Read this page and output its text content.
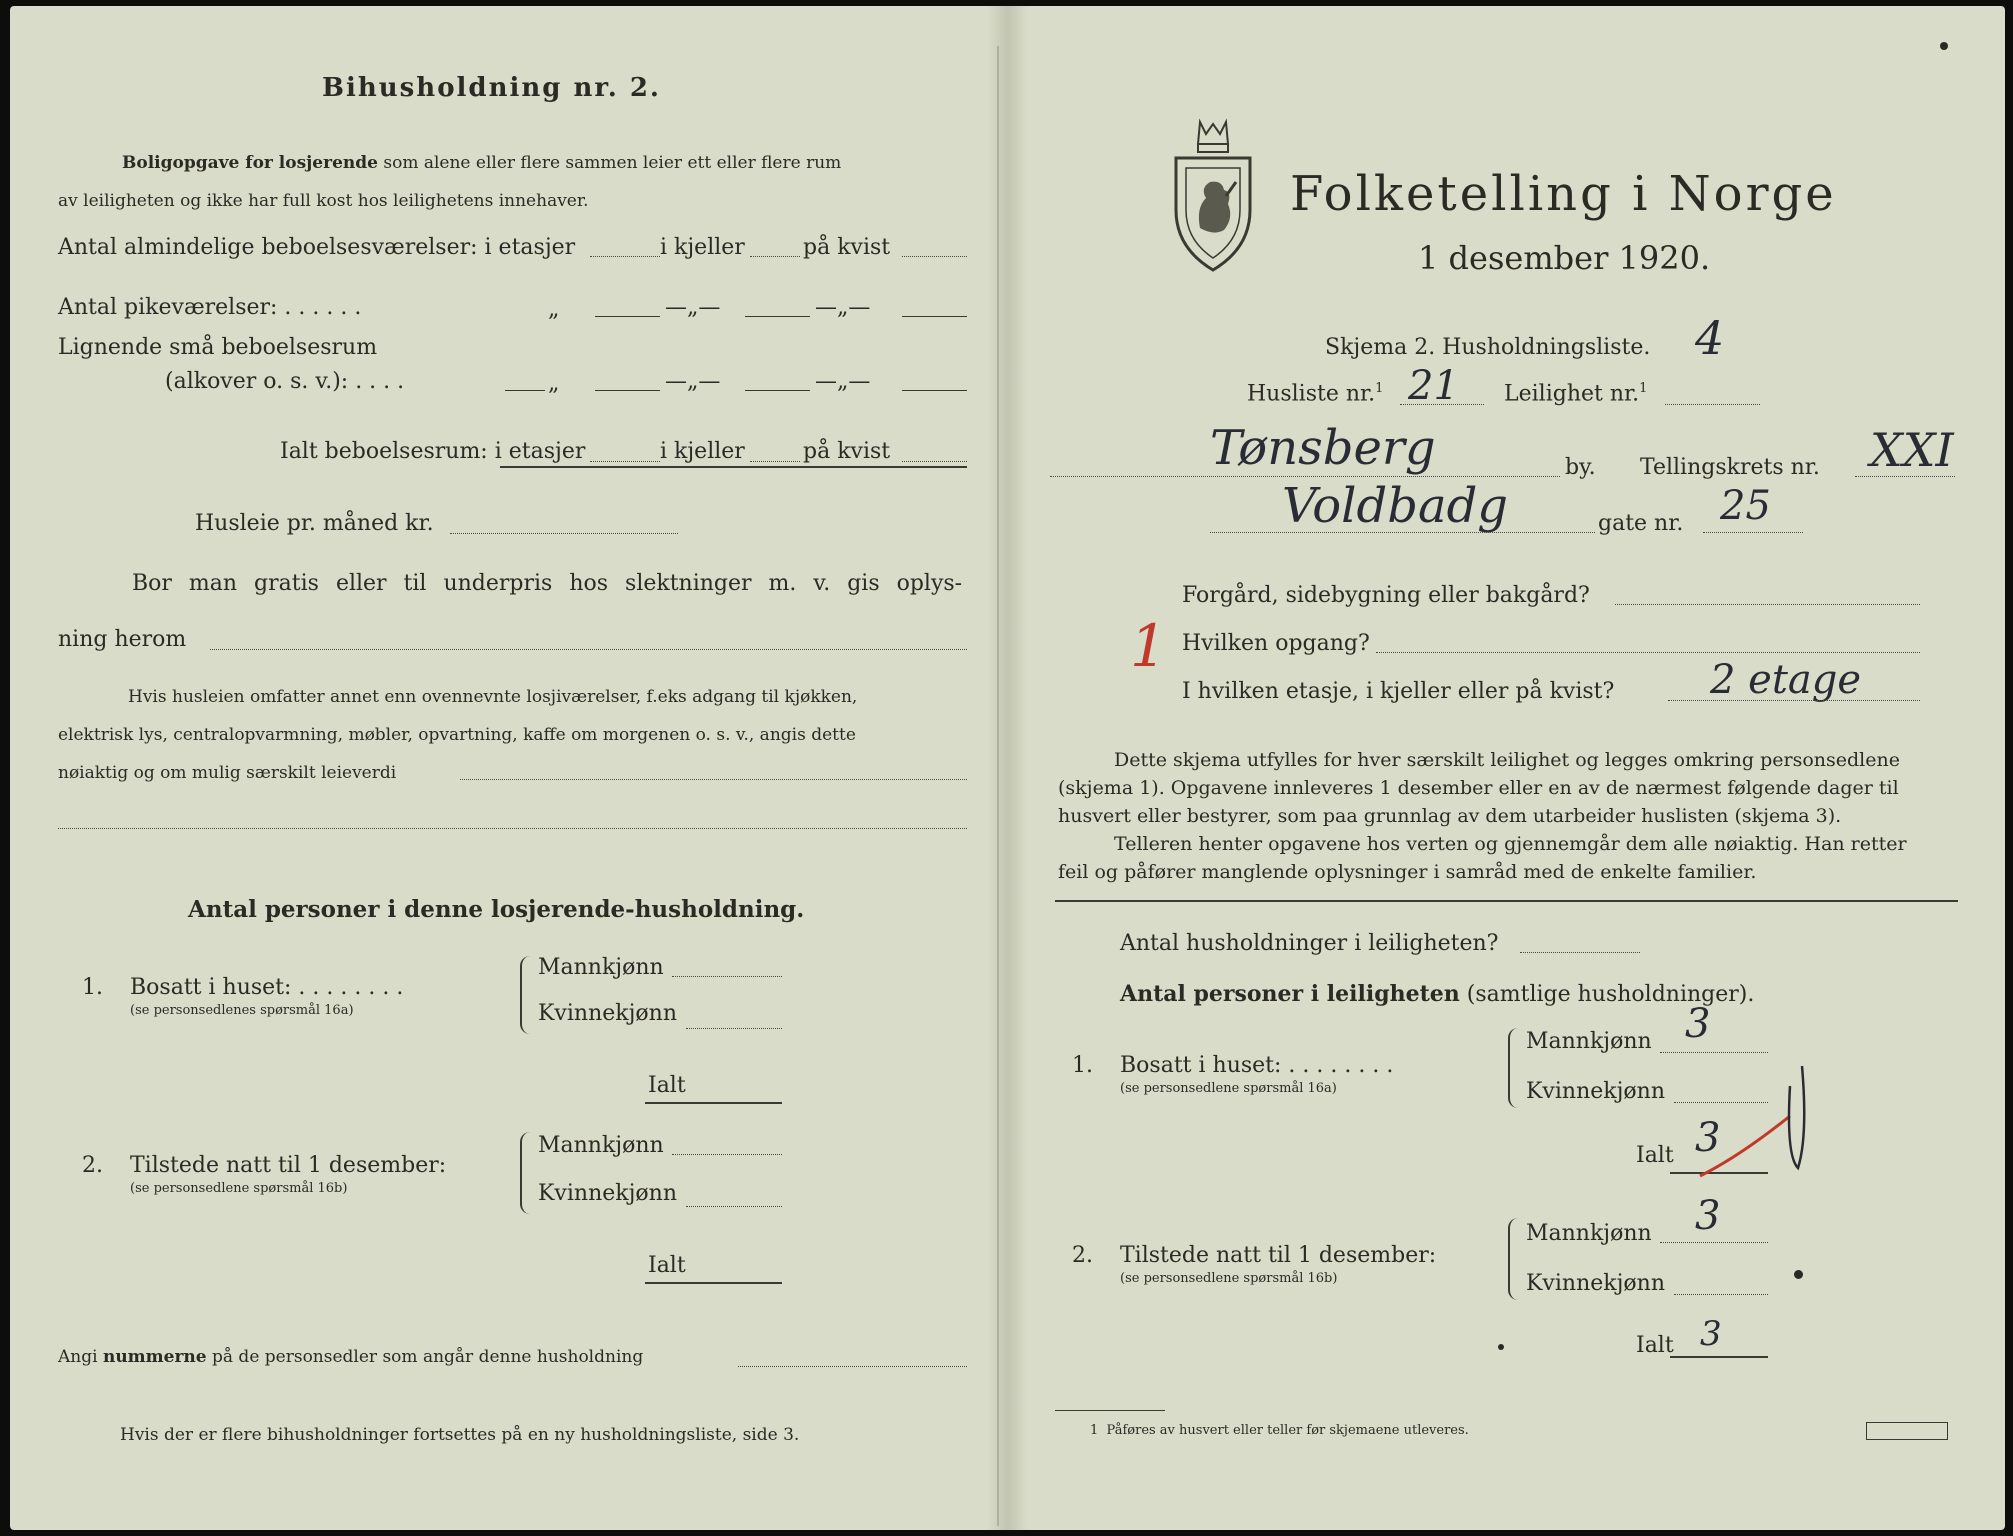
Bihusholdning nr. 2.
Boligopgave for losjerende som alene eller flere sammen leier ett eller flere rum
av leiligheten og ikke har full kost hos leilighetens innehaver.
Antal almindelige beboelsesværelser: i etasjer	i kjeller	på kvist
Antal pikeværelser: . . . . . .	„	—„—	—„—
Lignende små beboelsesrum
(alkover o. s. v.): . . . .	„	—„—	—„—
Ialt beboelsesrum: i etasjer	i kjeller	på kvist
Husleie pr. måned kr.
Bor man gratis eller til underpris hos slektninger m. v. gis oplys-
ning herom
Hvis husleien omfatter annet enn ovennevnte losjiværelser, f.eks adgang til kjøkken,
elektrisk lys, centralopvarmning, møbler, opvartning, kaffe om morgenen o. s. v., angis dette
nøiaktig og om mulig særskilt leieverdi
Antal personer i denne losjerende-husholdning.
1. Bosatt i huset: . . . . . . . .
(se personsedlenes spørsmål 16a)
Mannkjønn
Kvinnekjønn
Ialt
2. Tilstede natt til 1 desember:
(se personsedlene spørsmål 16b)
Mannkjønn
Kvinnekjønn
Ialt
Angi nummerne på de personsedler som angår denne husholdning
Hvis der er flere bihusholdninger fortsettes på en ny husholdningsliste, side 3.
Folketelling i Norge
1 desember 1920.
Skjema 2. Husholdningsliste. 4
Husliste nr.$^1$ 21 Leilighet nr.$^1$
Tønsberg	by. Tellingskrets nr. XXI
Voldbadg	gate nr. 25
Forgård, sidebygning eller bakgård?
1 Hvilken opgang?
I hvilken etasje, i kjeller eller på kvist? 2 etage
Dette skjema utfylles for hver særskilt leilighet og legges omkring personsedlene
(skjema 1). Opgavene innleveres 1 desember eller en av de nærmest følgende dager til
husvert eller bestyrer, som paa grunnlag av dem utarbeider huslisten (skjema 3).
Telleren henter opgavene hos verten og gjennemgår dem alle nøiaktig. Han retter
feil og påfører manglende oplysninger i samråd med de enkelte familier.
Antal husholdninger i leiligheten?
Antal personer i leiligheten (samtlige husholdninger).
1. Bosatt i huset: . . . . . . . .
(se personsedlene spørsmål 16a)
Mannkjønn 3
Kvinnekjønn
Ialt 3
2. Tilstede natt til 1 desember:
(se personsedlene spørsmål 16b)
Mannkjønn 3
Kvinnekjønn
Ialt 3
1 Påføres av husvert eller teller før skjemaene utleveres.
